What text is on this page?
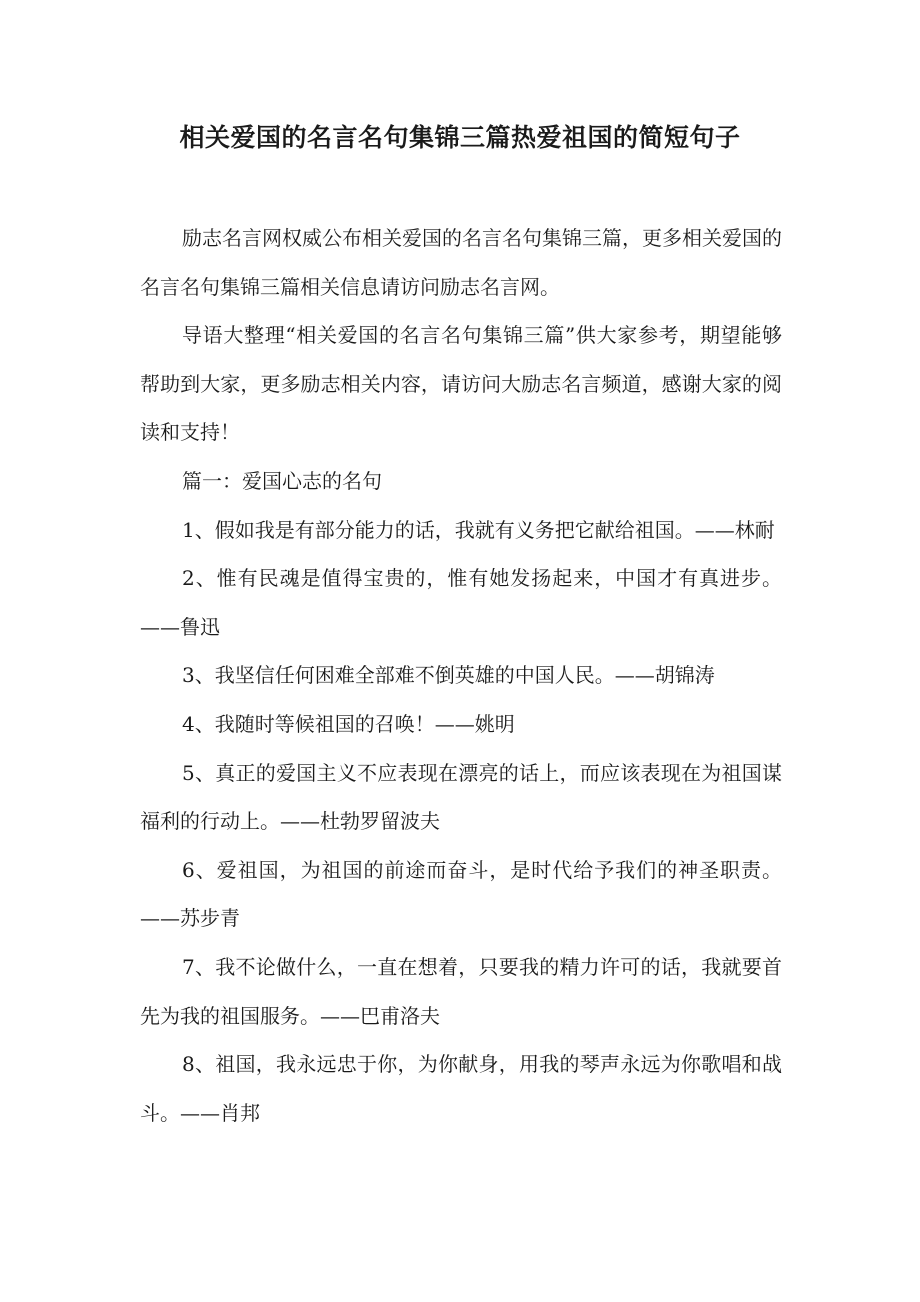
相关爱国的名言名句集锦三篇热爱祖国的简短句子

励志名言网权威公布相关爱国的名言名句集锦三篇，更多相关爱国的名言名句集锦三篇相关信息请访问励志名言网。

导语大整理“相关爱国的名言名句集锦三篇”供大家参考，期望能够帮助到大家，更多励志相关内容，请访问大励志名言频道，感谢大家的阅读和支持！

篇一：爱国心志的名句

1、假如我是有部分能力的话，我就有义务把它献给祖国。——林耐

2、惟有民魂是值得宝贵的，惟有她发扬起来，中国才有真进步。——鲁迅

3、我坚信任何困难全部难不倒英雄的中国人民。——胡锦涛

4、我随时等候祖国的召唤！——姚明

5、真正的爱国主义不应表现在漂亮的话上，而应该表现在为祖国谋福利的行动上。——杜勃罗留波夫

6、爱祖国，为祖国的前途而奋斗，是时代给予我们的神圣职责。——苏步青

7、我不论做什么，一直在想着，只要我的精力许可的话，我就要首先为我的祖国服务。——巴甫洛夫

8、祖国，我永远忠于你，为你献身，用我的琴声永远为你歌唱和战斗。——肖邦
